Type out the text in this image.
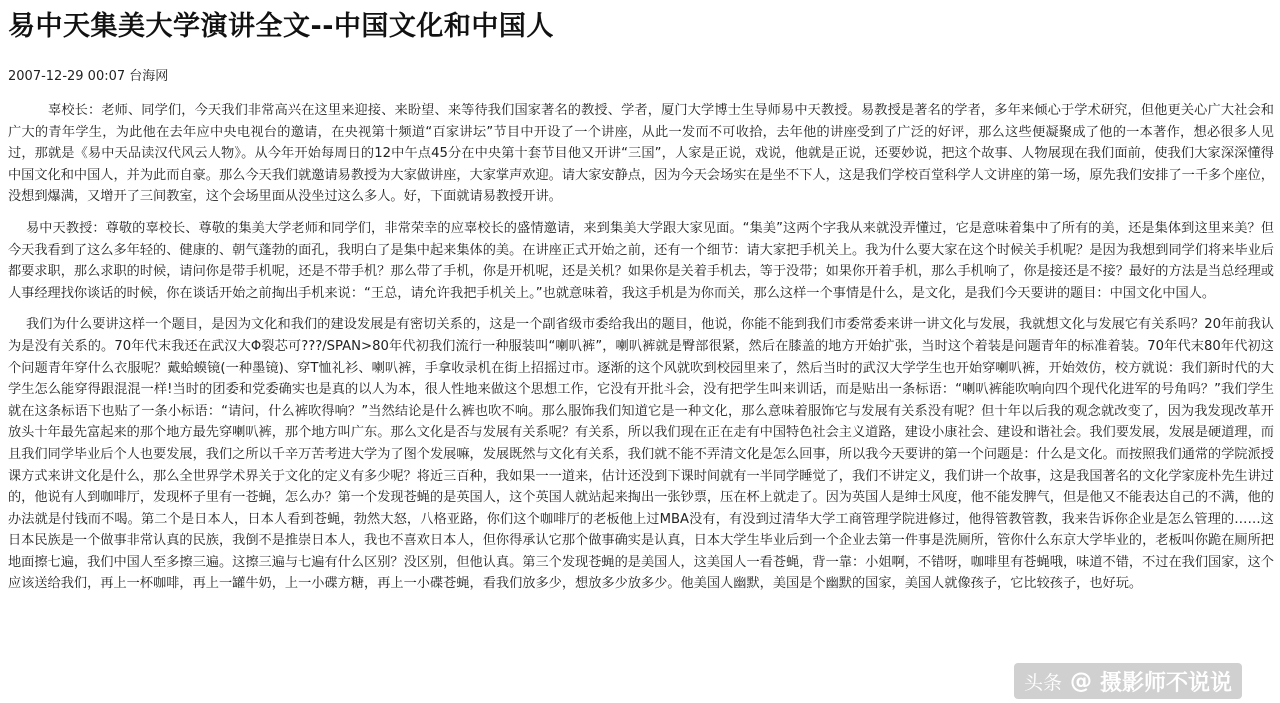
易中天集美大学演讲全文--中国文化和中国人
2007-12-29 00:07 台海网

辜校长：老师、同学们，今天我们非常高兴在这里来迎接、来盼望、来等待我们国家著名的教授、学者，厦门大学博士生导师易中天教授。易教授是著名的学者，多年来倾心于学术研究，但他更关心广大社会和广大的青年学生，为此他在去年应中央电视台的邀请，在央视第十频道“百家讲坛”节目中开设了一个讲座，从此一发而不可收拾，去年他的讲座受到了广泛的好评，那么这些便凝聚成了他的一本著作，想必很多人见过，那就是《易中天品读汉代风云人物》。从今年开始每周日的12中午点45分在中央第十套节目他又开讲“三国”，人家是正说，戏说，他就是正说，还要妙说，把这个故事、人物展现在我们面前，使我们大家深深懂得中国文化和中国人，并为此而自豪。那么今天我们就邀请易教授为大家做讲座，大家掌声欢迎。请大家安静点，因为今天会场实在是坐不下人，这是我们学校百堂科学人文讲座的第一场，原先我们安排了一千多个座位，没想到爆满，又增开了三间教室，这个会场里面从没坐过这么多人。好，下面就请易教授开讲。

易中天教授：尊敬的辜校长、尊敬的集美大学老师和同学们，非常荣幸的应辜校长的盛情邀请，来到集美大学跟大家见面。“集美”这两个字我从来就没弄懂过，它是意味着集中了所有的美，还是集体到这里来美？但今天我看到了这么多年轻的、健康的、朝气蓬勃的面孔，我明白了是集中起来集体的美。在讲座正式开始之前，还有一个细节：请大家把手机关上。我为什么要大家在这个时候关手机呢？是因为我想到同学们将来毕业后都要求职，那么求职的时候，请问你是带手机呢，还是不带手机？那么带了手机，你是开机呢，还是关机？如果你是关着手机去，等于没带；如果你开着手机，那么手机响了，你是接还是不接？最好的方法是当总经理或人事经理找你谈话的时候，你在谈话开始之前掏出手机来说：“王总，请允许我把手机关上。”也就意味着，我这手机是为你而关，那么这样一个事情是什么，是文化，是我们今天要讲的题目：中国文化中国人。

我们为什么要讲这样一个题目，是因为文化和我们的建设发展是有密切关系的，这是一个副省级市委给我出的题目，他说，你能不能到我们市委常委来讲一讲文化与发展，我就想文化与发展它有关系吗？20年前我认为是没有关系的。70年代末我还在武汉大Φ裂芯可???/SPAN>80年代初我们流行一种服装叫“喇叭裤”，喇叭裤就是臀部很紧，然后在膝盖的地方开始扩张，当时这个着装是问题青年的标准着装。70年代末80年代初这个问题青年穿什么衣服呢？戴蛤蟆镜(一种墨镜)、穿T恤礼衫、喇叭裤，手拿收录机在街上招摇过市。逐渐的这个风就吹到校园里来了，然后当时的武汉大学学生也开始穿喇叭裤，开始效仿，校方就说：我们新时代的大学生怎么能穿得跟混混一样!当时的团委和党委确实也是真的以人为本，很人性地来做这个思想工作，它没有开批斗会，没有把学生叫来训话，而是贴出一条标语：“喇叭裤能吹响向四个现代化进军的号角吗？”我们学生就在这条标语下也贴了一条小标语：“请问，什么裤吹得响？”当然结论是什么裤也吹不响。那么服饰我们知道它是一种文化，那么意味着服饰它与发展有关系没有呢？但十年以后我的观念就改变了，因为我发现改革开放头十年最先富起来的那个地方最先穿喇叭裤，那个地方叫广东。那么文化是否与发展有关系呢？有关系，所以我们现在正在走有中国特色社会主义道路，建设小康社会、建设和谐社会。我们要发展，发展是硬道理，而且我们同学毕业后个人也要发展，我们之所以千辛万苦考进大学为了图个发展嘛，发展既然与文化有关系，我们就不能不弄清文化是怎么回事，所以我今天要讲的第一个问题是：什么是文化。而按照我们通常的学院派授课方式来讲文化是什么，那么全世界学术界关于文化的定义有多少呢？将近三百种，我如果一一道来，估计还没到下课时间就有一半同学睡觉了，我们不讲定义，我们讲一个故事，这是我国著名的文化学家庞朴先生讲过的，他说有人到咖啡厅，发现杯子里有一苍蝇，怎么办？第一个发现苍蝇的是英国人，这个英国人就站起来掏出一张钞票，压在杯上就走了。因为英国人是绅士风度，他不能发脾气，但是他又不能表达自己的不满，他的办法就是付钱而不喝。第二个是日本人，日本人看到苍蝇，勃然大怒，八格亚路，你们这个咖啡厅的老板他上过MBA没有，有没到过清华大学工商管理学院进修过，他得管教管教，我来告诉你企业是怎么管理的……这日本民族是一个做事非常认真的民族，我倒不是推崇日本人，我也不喜欢日本人，但你得承认它那个做事确实是认真，日本大学生毕业后到一个企业去第一件事是洗厕所，管你什么东京大学毕业的，老板叫你跪在厕所把地面擦七遍，我们中国人至多擦三遍。这擦三遍与七遍有什么区别？没区别，但他认真。第三个发现苍蝇的是美国人，这美国人一看苍蝇，背一靠：小姐啊，不错呀，咖啡里有苍蝇哦，味道不错，不过在我们国家，这个应该送给我们，再上一杯咖啡，再上一罐牛奶，上一小碟方糖，再上一小碟苍蝇，看我们放多少，想放多少放多少。他美国人幽默，美国是个幽默的国家，美国人就像孩子，它比较孩子，也好玩。

头条 @ 摄影师不说说
